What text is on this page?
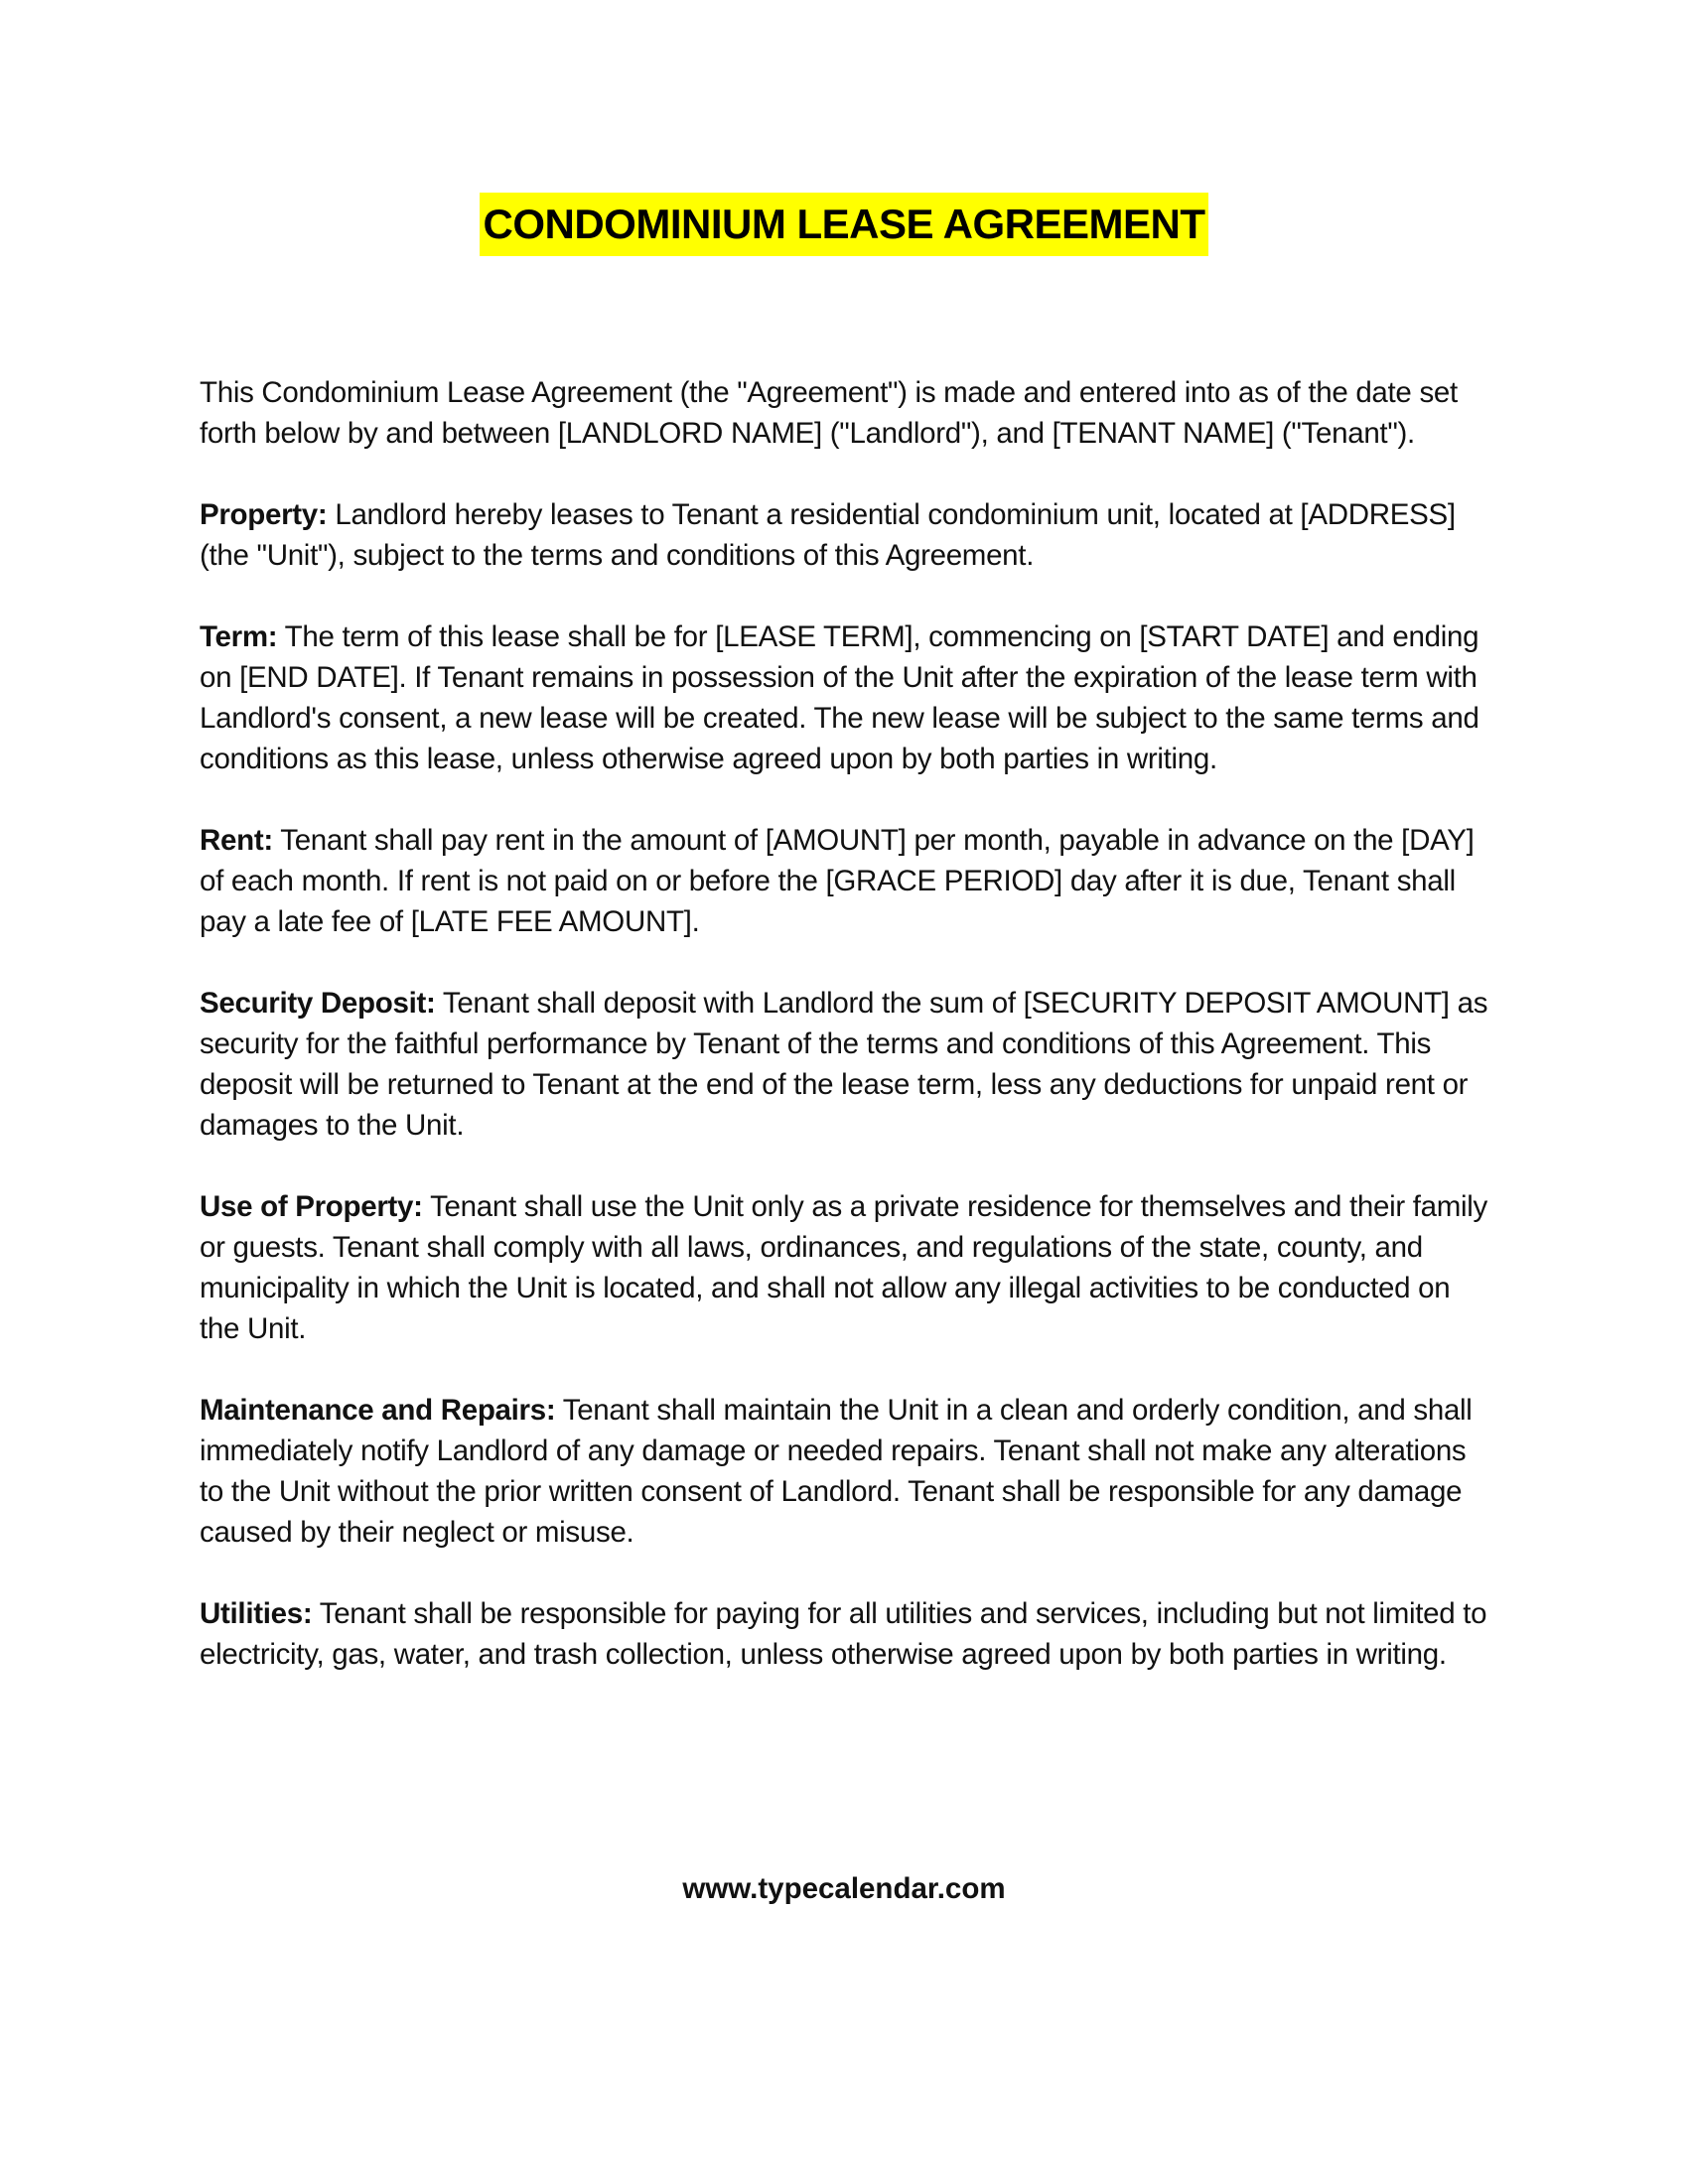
CONDOMINIUM LEASE AGREEMENT

This Condominium Lease Agreement (the "Agreement") is made and entered into as of the date set forth below by and between [LANDLORD NAME] ("Landlord"), and [TENANT NAME] ("Tenant").

Property: Landlord hereby leases to Tenant a residential condominium unit, located at [ADDRESS] (the "Unit"), subject to the terms and conditions of this Agreement.

Term: The term of this lease shall be for [LEASE TERM], commencing on [START DATE] and ending on [END DATE]. If Tenant remains in possession of the Unit after the expiration of the lease term with Landlord's consent, a new lease will be created. The new lease will be subject to the same terms and conditions as this lease, unless otherwise agreed upon by both parties in writing.

Rent: Tenant shall pay rent in the amount of [AMOUNT] per month, payable in advance on the [DAY] of each month. If rent is not paid on or before the [GRACE PERIOD] day after it is due, Tenant shall pay a late fee of [LATE FEE AMOUNT].

Security Deposit: Tenant shall deposit with Landlord the sum of [SECURITY DEPOSIT AMOUNT] as security for the faithful performance by Tenant of the terms and conditions of this Agreement. This deposit will be returned to Tenant at the end of the lease term, less any deductions for unpaid rent or damages to the Unit.

Use of Property: Tenant shall use the Unit only as a private residence for themselves and their family or guests. Tenant shall comply with all laws, ordinances, and regulations of the state, county, and municipality in which the Unit is located, and shall not allow any illegal activities to be conducted on the Unit.

Maintenance and Repairs: Tenant shall maintain the Unit in a clean and orderly condition, and shall immediately notify Landlord of any damage or needed repairs. Tenant shall not make any alterations to the Unit without the prior written consent of Landlord. Tenant shall be responsible for any damage caused by their neglect or misuse.

Utilities: Tenant shall be responsible for paying for all utilities and services, including but not limited to electricity, gas, water, and trash collection, unless otherwise agreed upon by both parties in writing.

www.typecalendar.com
